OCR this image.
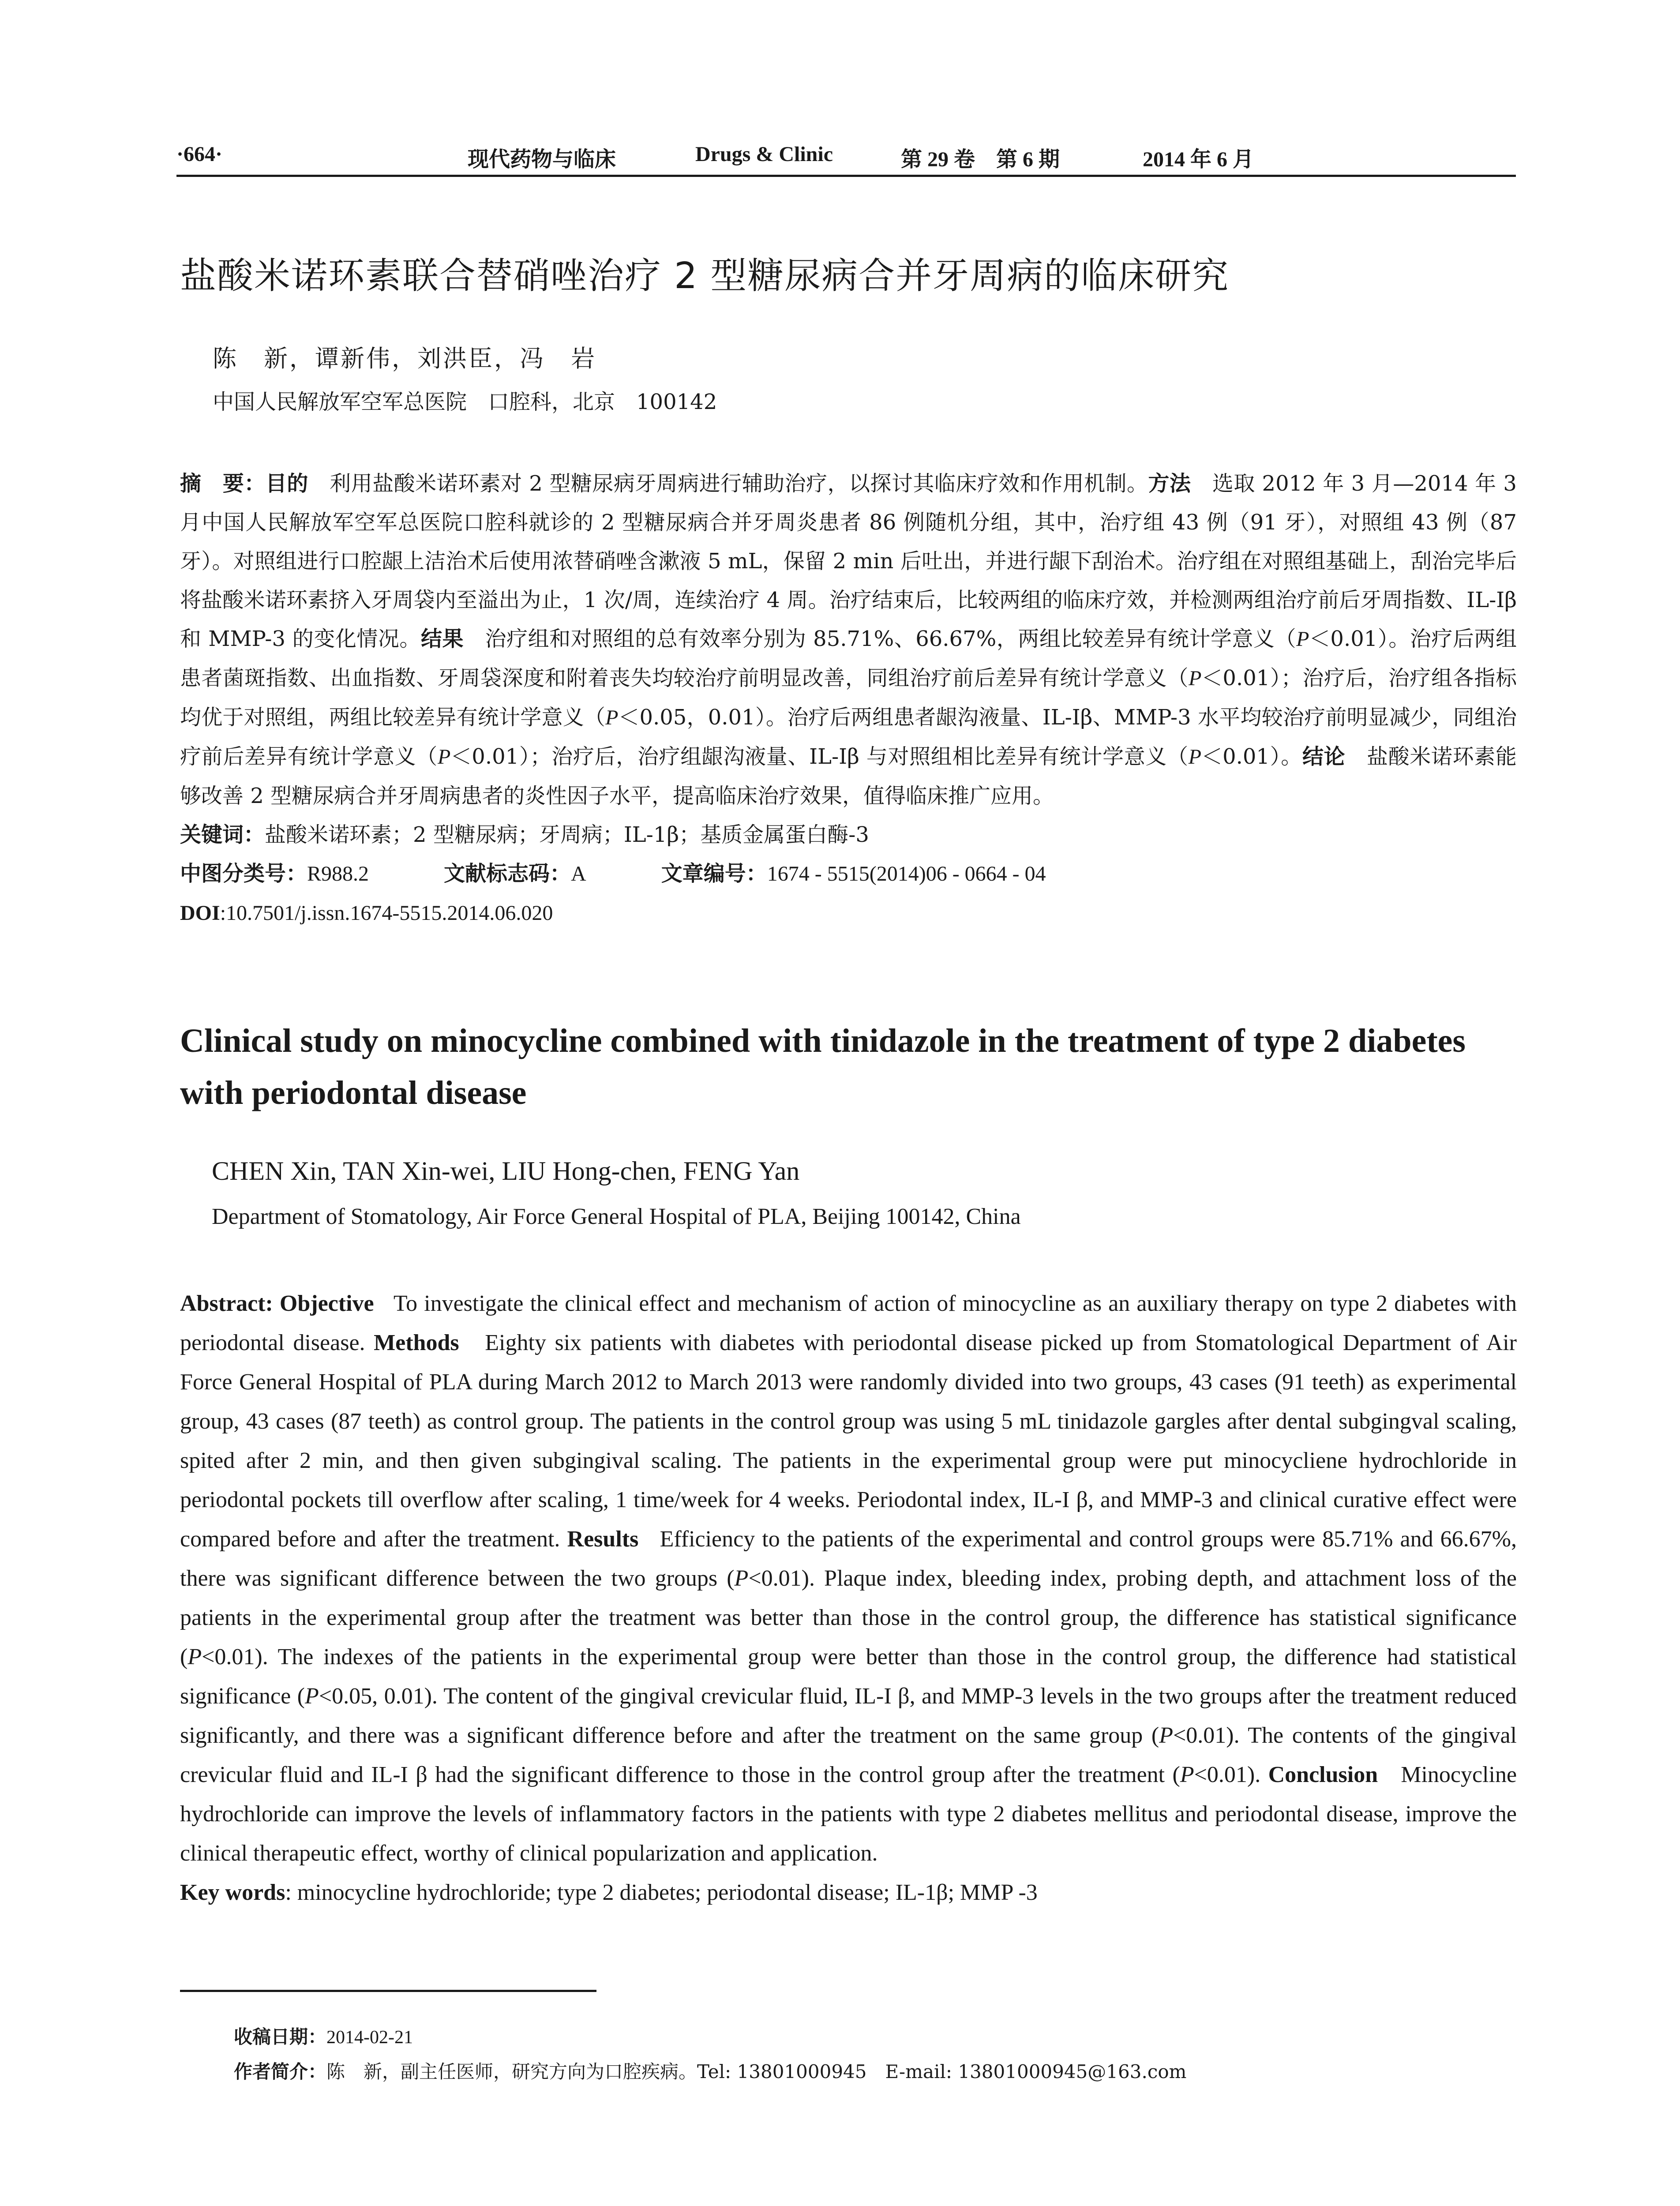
·664·	现代药物与临床	Drugs & Clinic	第 29 卷　第 6 期	2014 年 6 月
盐酸米诺环素联合替硝唑治疗 2 型糖尿病合并牙周病的临床研究
陈　新，谭新伟，刘洪臣，冯　岩
中国人民解放军空军总医院　口腔科，北京　100142
摘　要：目的　 利用盐酸米诺环素对 2 型糖尿病牙周病进行辅助治疗，以探讨其临床疗效和作用机制。方法　 选取 2012 年 3 月—2014 年 3 月中国人民解放军空军总医院口腔科就诊的 2 型糖尿病合并牙周炎患者 86 例随机分组，其中，治疗组 43 例（91 牙），对照组 43 例（87 牙）。对照组进行口腔龈上洁治术后使用浓替硝唑含漱液 5 mL，保留 2 min 后吐出，并进行龈下刮治术。治疗组在对照组基础上，刮治完毕后将盐酸米诺环素挤入牙周袋内至溢出为止，1 次/周，连续治疗 4 周。治疗结束后，比较两组的临床疗效，并检测两组治疗前后牙周指数、IL-Iβ 和 MMP-3 的变化情况。结果　 治疗组和对照组的总有效率分别为 85.71%、66.67%，两组比较差异有统计学意义（P＜0.01）。治疗后两组患者菌斑指数、出血指数、牙周袋深度和附着丧失均较治疗前明显改善，同组治疗前后差异有统计学意义（P＜0.01）；治疗后，治疗组各指标均优于对照组，两组比较差异有统计学意义（P＜0.05，0.01）。治疗后两组患者龈沟液量、IL-Iβ、MMP-3 水平均较治疗前明显减少，同组治疗前后差异有统计学意义（P＜0.01）；治疗后，治疗组龈沟液量、IL-Iβ 与对照组相比差异有统计学意义（P＜0.01）。结论　 盐酸米诺环素能够改善 2 型糖尿病合并牙周病患者的炎性因子水平，提高临床治疗效果，值得临床推广应用。
关键词：盐酸米诺环素；2 型糖尿病；牙周病；IL-1β；基质金属蛋白酶-3
中图分类号：R988.2	文献标志码：A	文章编号：1674 - 5515(2014)06 - 0664 - 04
DOI:10.7501/j.issn.1674-5515.2014.06.020
Clinical study on minocycline combined with tinidazole in the treatment of type 2 diabetes with periodontal disease
CHEN Xin, TAN Xin-wei, LIU Hong-chen, FENG Yan
Department of Stomatology, Air Force General Hospital of PLA, Beijing 100142, China
Abstract: Objective To investigate the clinical effect and mechanism of action of minocycline as an auxiliary therapy on type 2 diabetes with periodontal disease. Methods Eighty six patients with diabetes with periodontal disease picked up from Stomatological Department of Air Force General Hospital of PLA during March 2012 to March 2013 were randomly divided into two groups, 43 cases (91 teeth) as experimental group, 43 cases (87 teeth) as control group. The patients in the control group was using 5 mL tinidazole gargles after dental subgingval scaling, spited after 2 min, and then given subgingival scaling. The patients in the experimental group were put minocycliene hydrochloride in periodontal pockets till overflow after scaling, 1 time/week for 4 weeks. Periodontal index, IL-I β, and MMP-3 and clinical curative effect were compared before and after the treatment. Results Efficiency to the patients of the experimental and control groups were 85.71% and 66.67%, there was significant difference between the two groups (P<0.01). Plaque index, bleeding index, probing depth, and attachment loss of the patients in the experimental group after the treatment was better than those in the control group, the difference has statistical significance (P<0.01). The indexes of the patients in the experimental group were better than those in the control group, the difference had statistical significance (P<0.05, 0.01). The content of the gingival crevicular fluid, IL-I β, and MMP-3 levels in the two groups after the treatment reduced significantly, and there was a significant difference before and after the treatment on the same group (P<0.01). The contents of the gingival crevicular fluid and IL-I β had the significant difference to those in the control group after the treatment (P<0.01). Conclusion Minocycline hydrochloride can improve the levels of inflammatory factors in the patients with type 2 diabetes mellitus and periodontal disease, improve the clinical therapeutic effect, worthy of clinical popularization and application.
Key words: minocycline hydrochloride; type 2 diabetes; periodontal disease; IL-1β; MMP -3
收稿日期：2014-02-21
作者简介：陈　新，副主任医师，研究方向为口腔疾病。Tel: 13801000945　E-mail: 13801000945@163.com
